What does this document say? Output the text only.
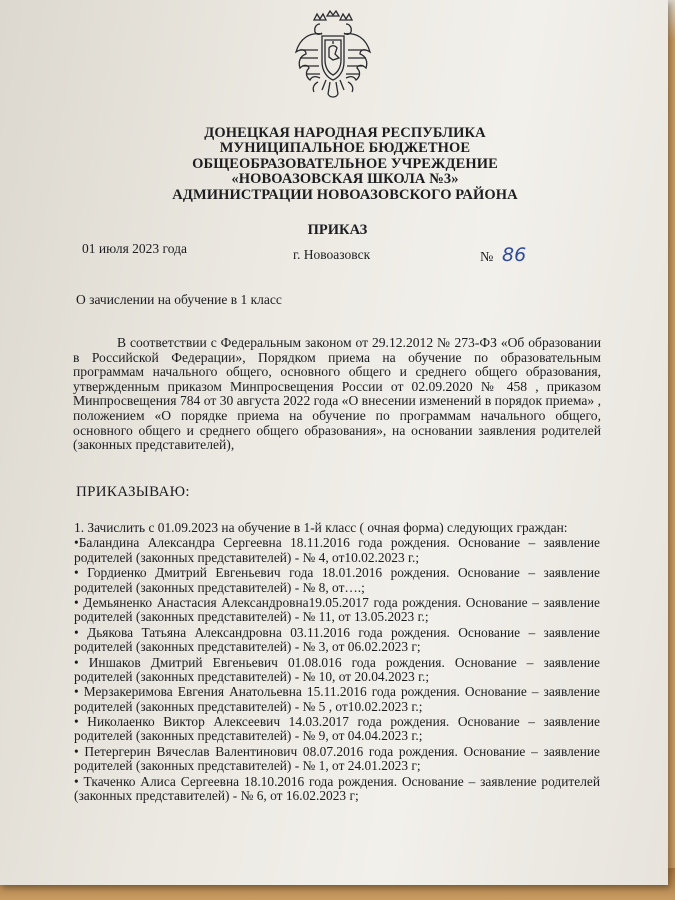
ДОНЕЦКАЯ НАРОДНАЯ РЕСПУБЛИКА
МУНИЦИПАЛЬНОЕ БЮДЖЕТНОЕ
ОБЩЕОБРАЗОВАТЕЛЬНОЕ УЧРЕЖДЕНИЕ
«НОВОАЗОВСКАЯ ШКОЛА №3»
АДМИНИСТРАЦИИ НОВОАЗОВСКОГО РАЙОНА
ПРИКАЗ
01 июля 2023 года	г. Новоазовск	№ 86
О зачислении на обучение в 1 класс
В соответствии с Федеральным законом от 29.12.2012 № 273-ФЗ «Об образовании в Российской Федерации», Порядком приема на обучение по образовательным программам начального общего, основного общего и среднего общего образования, утвержденным приказом Минпросвещения России от 02.09.2020 № 458 , приказом Минпросвещения 784 от 30 августа 2022 года «О внесении изменений в порядок приема» , положением «О порядке приема на обучение по программам начального общего, основного общего и среднего общего образования», на основании заявления родителей (законных представителей),
ПРИКАЗЫВАЮ:

1. Зачислить с 01.09.2023 на обучение в 1-й класс ( очная форма) следующих граждан:

•Баландина Александра Сергеевна 18.11.2016 года рождения. Основание – заявление родителей (законных представителей) - № 4, от10.02.2023 г.;

• Гордиенко Дмитрий Евгеньевич года 18.01.2016 рождения. Основание – заявление родителей (законных представителей) - № 8, от….;

• Демьяненко Анастасия Александровна19.05.2017 года рождения. Основание – заявление родителей (законных представителей) - № 11, от 13.05.2023 г.;

• Дьякова Татьяна Александровна 03.11.2016 года рождения. Основание – заявление родителей (законных представителей) - № 3, от 06.02.2023 г;

• Иншаков Дмитрий Евгеньевич 01.08.016 года рождения. Основание – заявление родителей (законных представителей) - № 10, от 20.04.2023 г.;

• Мерзакеримова Евгения Анатольевна 15.11.2016 года рождения. Основание – заявление родителей (законных представителей) - № 5 , от10.02.2023 г.;

• Николаенко Виктор Алексеевич 14.03.2017 года рождения. Основание – заявление родителей (законных представителей) - № 9, от 04.04.2023 г.;

• Петергерин Вячеслав Валентинович 08.07.2016 года рождения. Основание – заявление родителей (законных представителей) - № 1, от 24.01.2023 г;

• Ткаченко Алиса Сергеевна 18.10.2016 года рождения. Основание – заявление родителей (законных представителей) - № 6, от 16.02.2023 г;
